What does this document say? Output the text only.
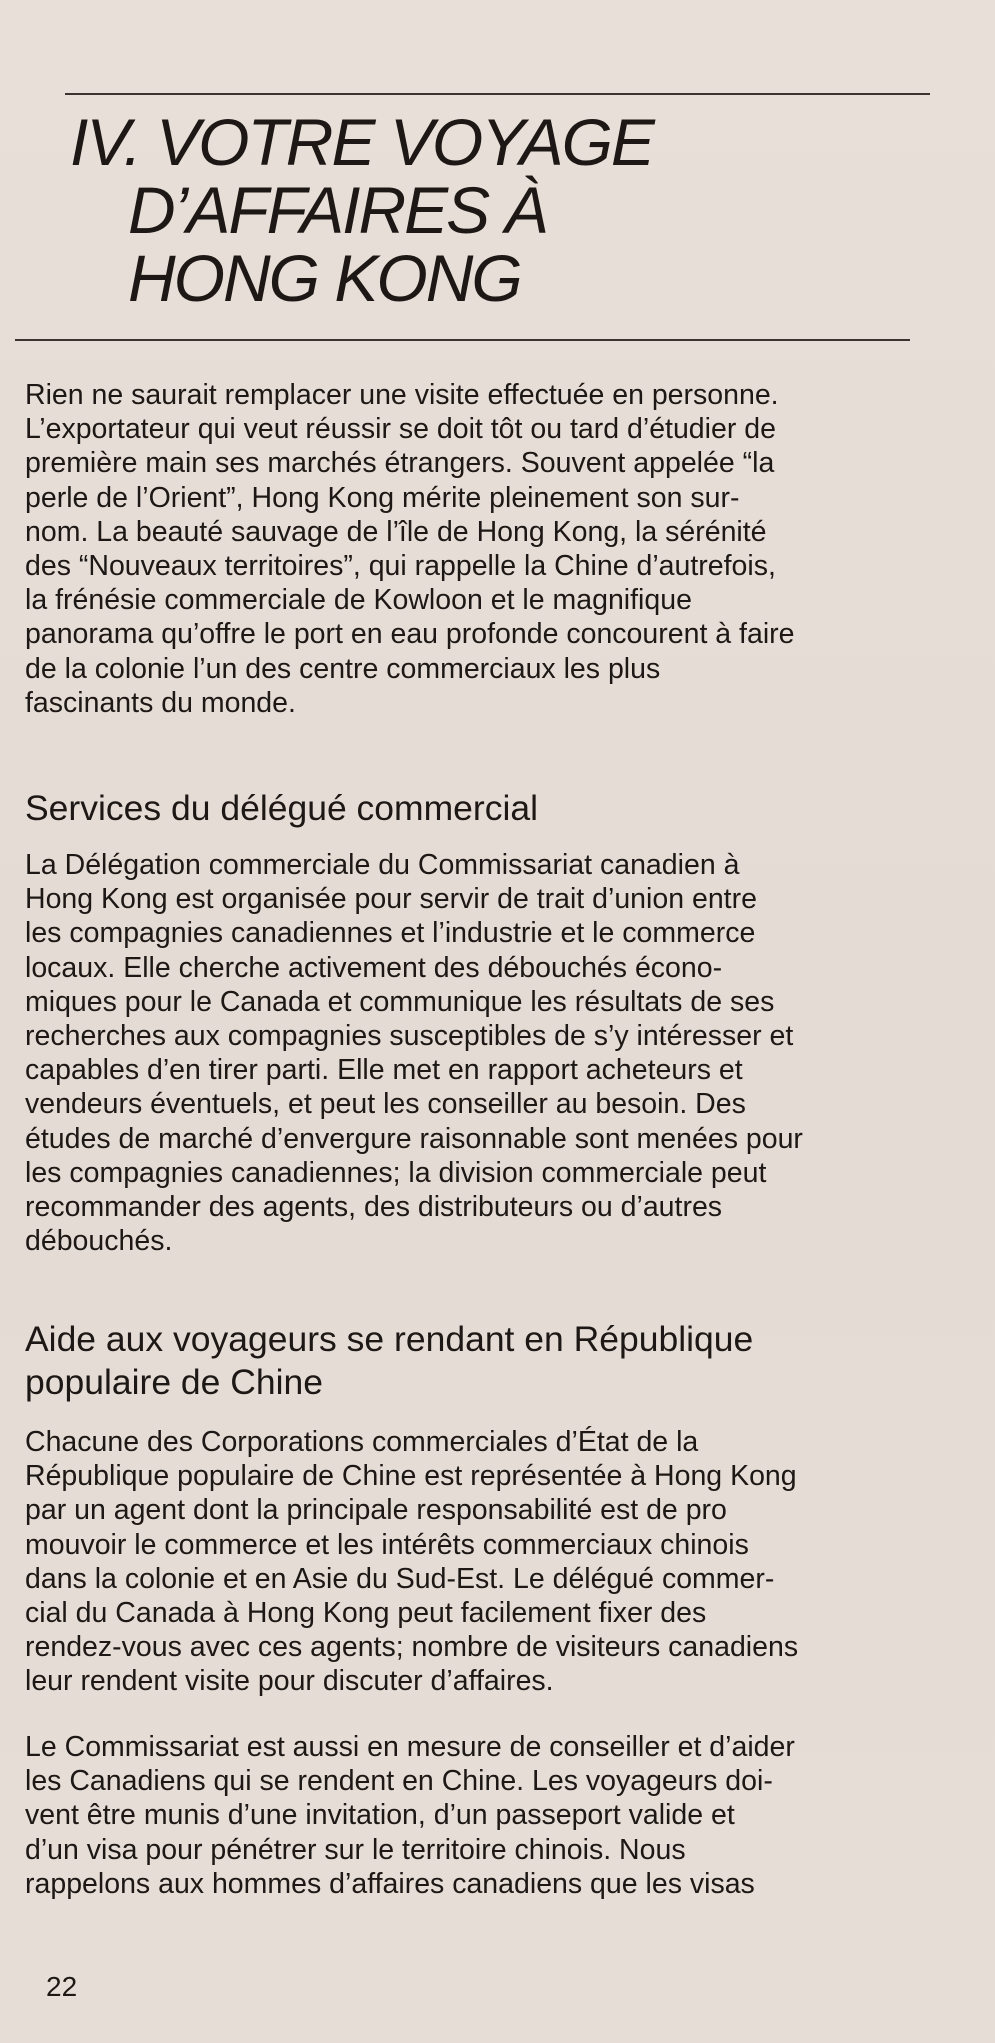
IV. VOTRE VOYAGE
D’AFFAIRES À
HONG KONG

Rien ne saurait remplacer une visite effectuée en personne.
L’exportateur qui veut réussir se doit tôt ou tard d’étudier de
première main ses marchés étrangers. Souvent appelée “la
perle de l’Orient”, Hong Kong mérite pleinement son sur-
nom. La beauté sauvage de l’île de Hong Kong, la sérénité
des “Nouveaux territoires”, qui rappelle la Chine d’autrefois,
la frénésie commerciale de Kowloon et le magnifique
panorama qu’offre le port en eau profonde concourent à faire
de la colonie l’un des centre commerciaux les plus
fascinants du monde.

Services du délégué commercial

La Délégation commerciale du Commissariat canadien à
Hong Kong est organisée pour servir de trait d’union entre
les compagnies canadiennes et l’industrie et le commerce
locaux. Elle cherche activement des débouchés écono-
miques pour le Canada et communique les résultats de ses
recherches aux compagnies susceptibles de s’y intéresser et
capables d’en tirer parti. Elle met en rapport acheteurs et
vendeurs éventuels, et peut les conseiller au besoin. Des
études de marché d’envergure raisonnable sont menées pour
les compagnies canadiennes; la division commerciale peut
recommander des agents, des distributeurs ou d’autres
débouchés.

Aide aux voyageurs se rendant en République
populaire de Chine

Chacune des Corporations commerciales d’État de la
République populaire de Chine est représentée à Hong Kong
par un agent dont la principale responsabilité est de pro
mouvoir le commerce et les intérêts commerciaux chinois
dans la colonie et en Asie du Sud-Est. Le délégué commer-
cial du Canada à Hong Kong peut facilement fixer des
rendez-vous avec ces agents; nombre de visiteurs canadiens
leur rendent visite pour discuter d’affaires.

Le Commissariat est aussi en mesure de conseiller et d’aider
les Canadiens qui se rendent en Chine. Les voyageurs doi-
vent être munis d’une invitation, d’un passeport valide et
d’un visa pour pénétrer sur le territoire chinois. Nous
rappelons aux hommes d’affaires canadiens que les visas

22
